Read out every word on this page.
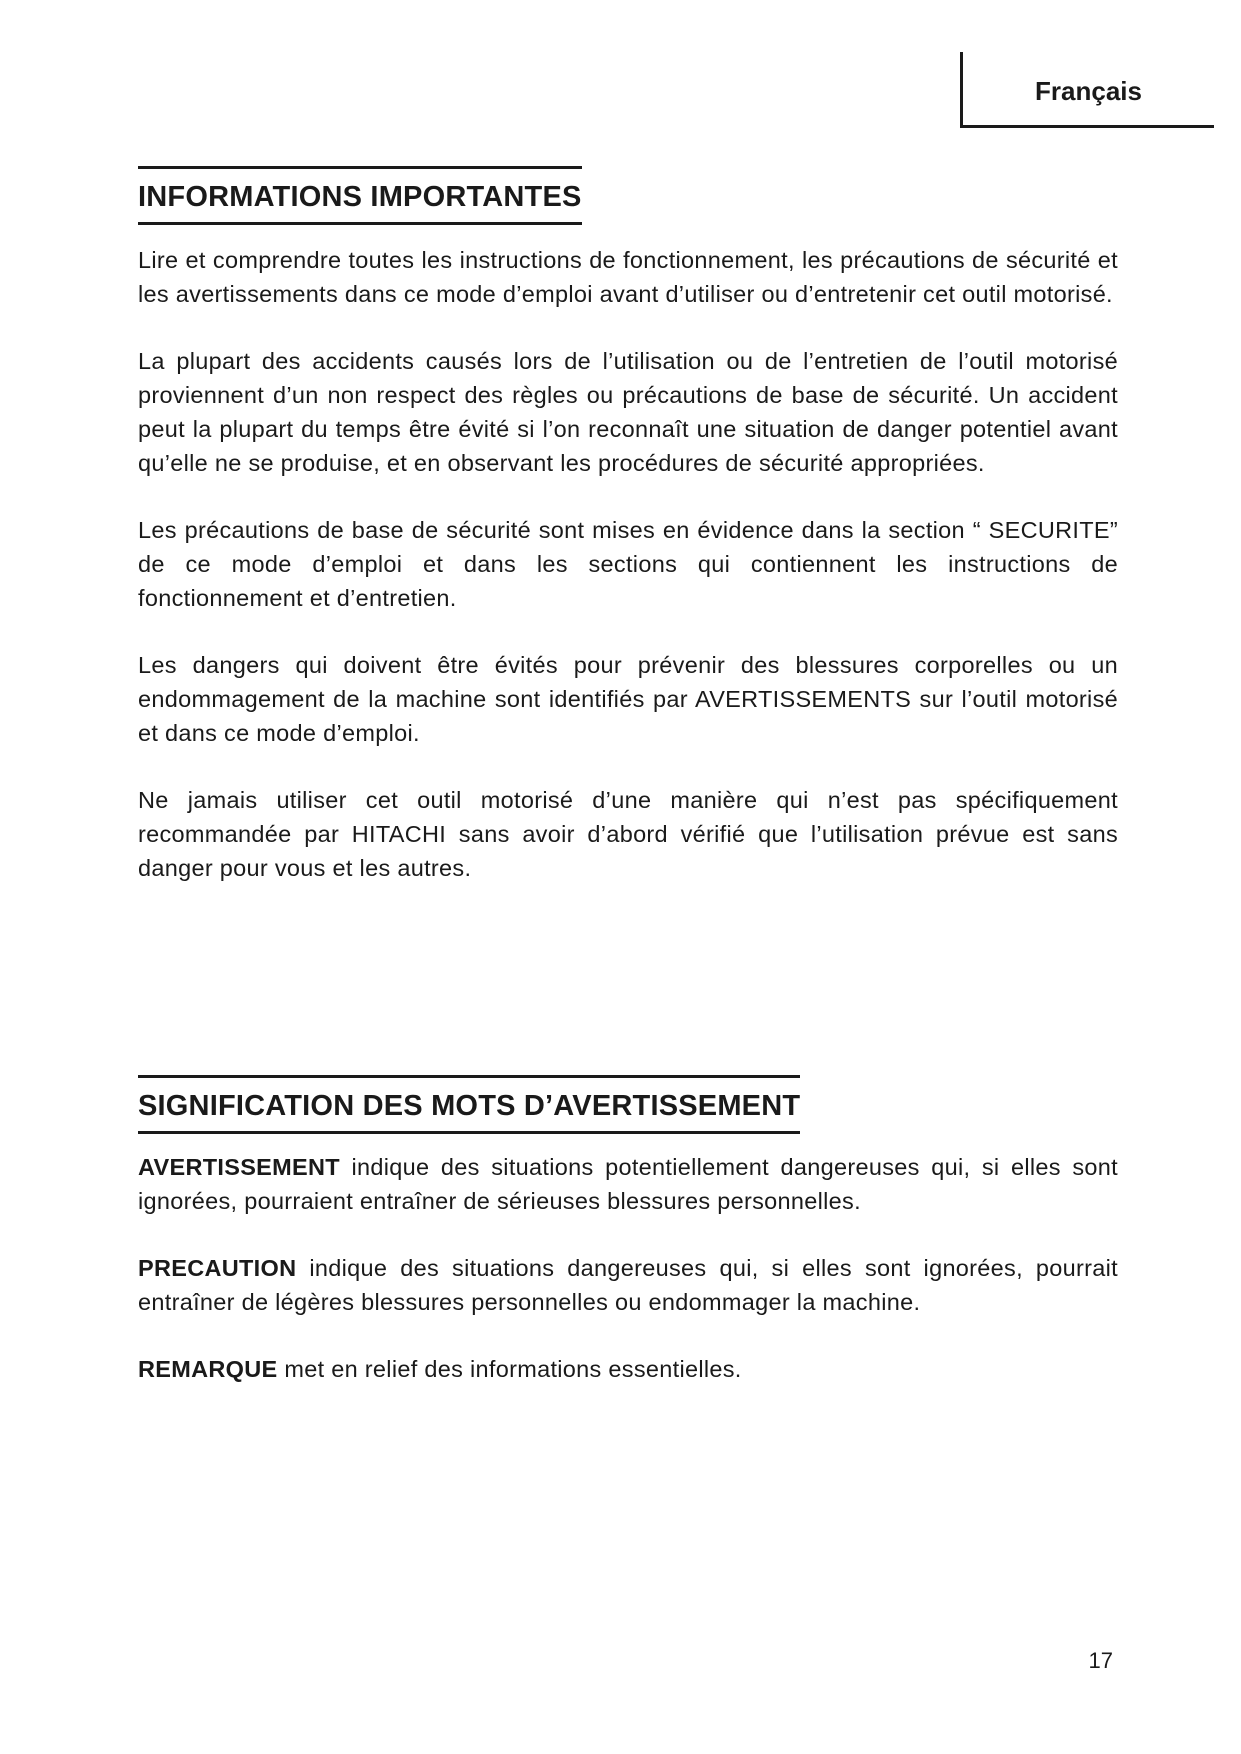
Français
INFORMATIONS IMPORTANTES

Lire et comprendre toutes les instructions de fonctionnement, les précautions de sécurité et les avertissements dans ce mode d’emploi avant d’utiliser ou d’entretenir cet outil motorisé.

La plupart des accidents causés lors de l’utilisation ou de l’entretien de l’outil motorisé proviennent d’un non respect des règles ou précautions de base de sécurité. Un accident peut la plupart du temps être évité si l’on reconnaît une situation de danger potentiel avant qu’elle ne se produise, et en observant les procédures de sécurité appropriées.

Les précautions de base de sécurité sont mises en évidence dans la section “ SECURITE” de ce mode d’emploi et dans les sections qui contiennent les instructions de fonctionnement et d’entretien.

Les dangers qui doivent être évités pour prévenir des blessures corporelles ou un endommagement de la machine sont identifiés par AVERTISSEMENTS sur l’outil motorisé et dans ce mode d’emploi.

Ne jamais utiliser cet outil motorisé d’une manière qui n’est pas spécifiquement recommandée par HITACHI sans avoir d’abord vérifié que l’utilisation prévue est sans danger pour vous et les autres.

SIGNIFICATION DES MOTS D’AVERTISSEMENT

AVERTISSEMENT indique des situations potentiellement dangereuses qui, si elles sont ignorées, pourraient entraîner de sérieuses blessures personnelles.

PRECAUTION indique des situations dangereuses qui, si elles sont ignorées, pourrait entraîner de légères blessures personnelles ou endommager la machine.

REMARQUE met en relief des informations essentielles.

17
